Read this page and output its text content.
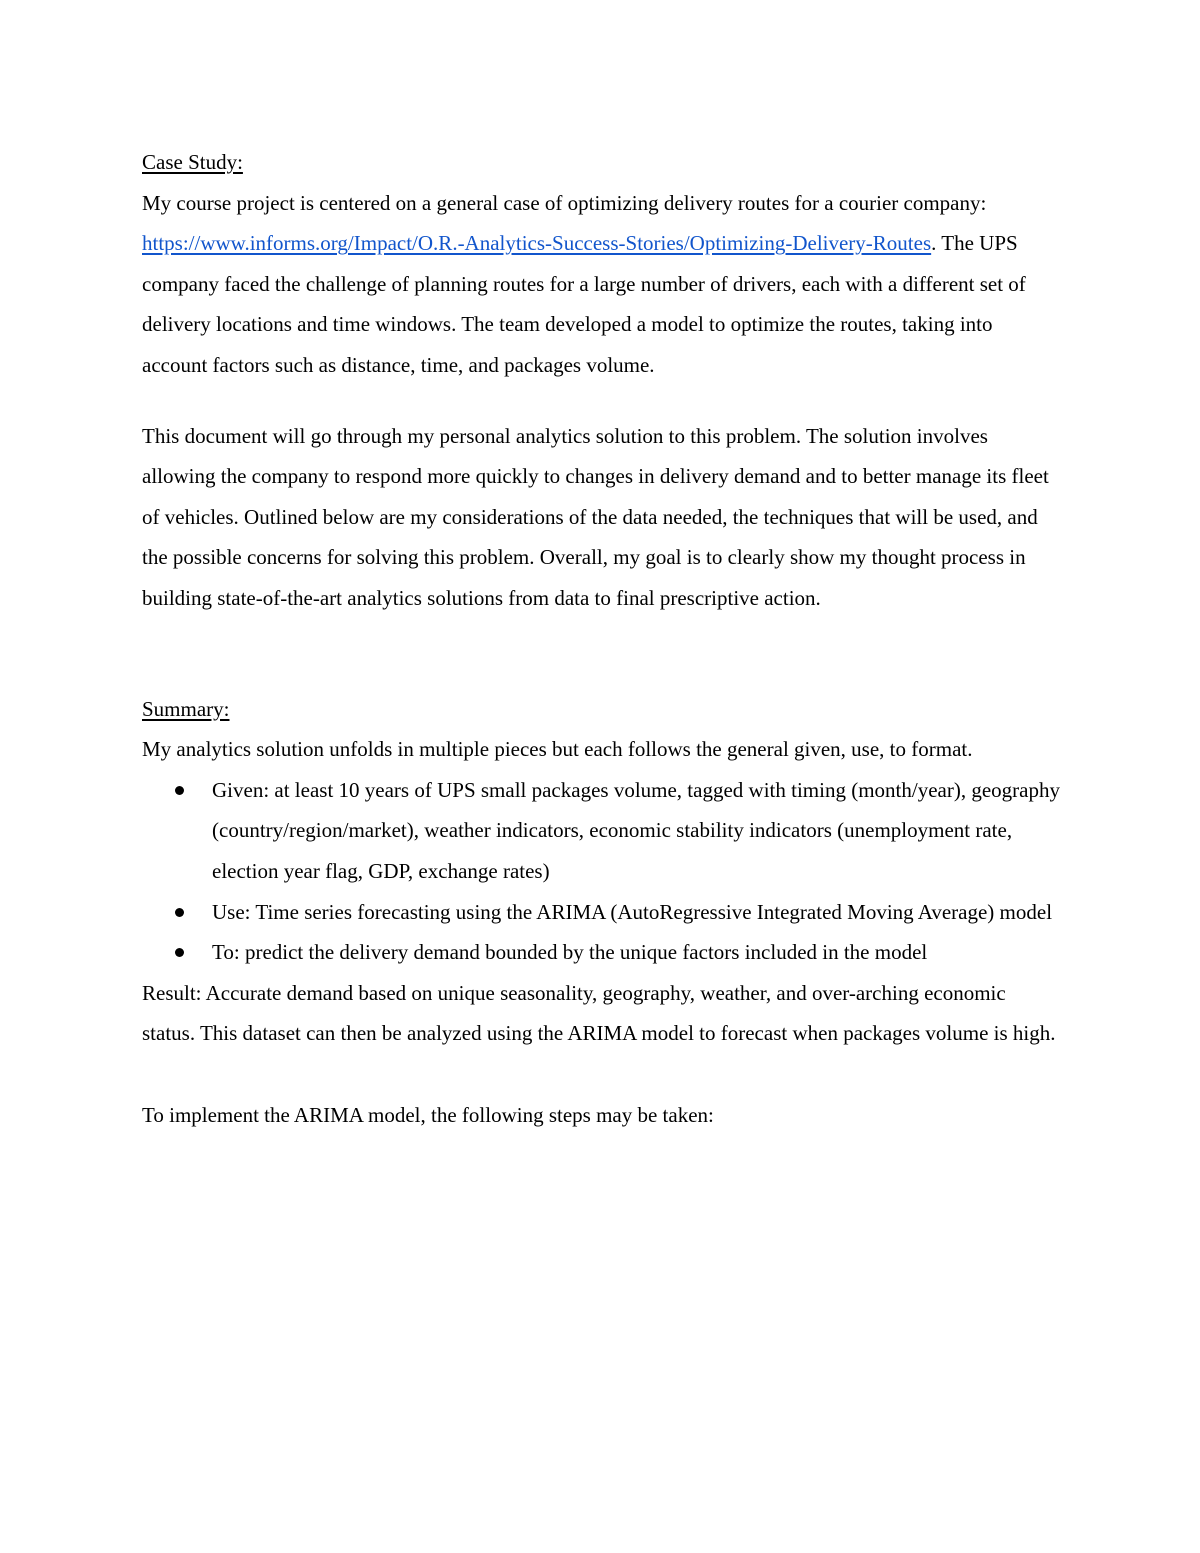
Case Study:

My course project is centered on a general case of optimizing delivery routes for a courier company: https://www.informs.org/Impact/O.R.-Analytics-Success-Stories/Optimizing-Delivery-Routes. The UPS company faced the challenge of planning routes for a large number of drivers, each with a different set of delivery locations and time windows. The team developed a model to optimize the routes, taking into account factors such as distance, time, and packages volume.

This document will go through my personal analytics solution to this problem. The solution involves allowing the company to respond more quickly to changes in delivery demand and to better manage its fleet of vehicles. Outlined below are my considerations of the data needed, the techniques that will be used, and the possible concerns for solving this problem. Overall, my goal is to clearly show my thought process in building state-of-the-art analytics solutions from data to final prescriptive action.

Summary:

My analytics solution unfolds in multiple pieces but each follows the general given, use, to format.

Given: at least 10 years of UPS small packages volume, tagged with timing (month/year), geography (country/region/market), weather indicators, economic stability indicators (unemployment rate, election year flag, GDP, exchange rates)
Use: Time series forecasting using the ARIMA (AutoRegressive Integrated Moving Average) model
To: predict the delivery demand bounded by the unique factors included in the model

Result: Accurate demand based on unique seasonality, geography, weather, and over-arching economic status. This dataset can then be analyzed using the ARIMA model to forecast when packages volume is high.

To implement the ARIMA model, the following steps may be taken:
